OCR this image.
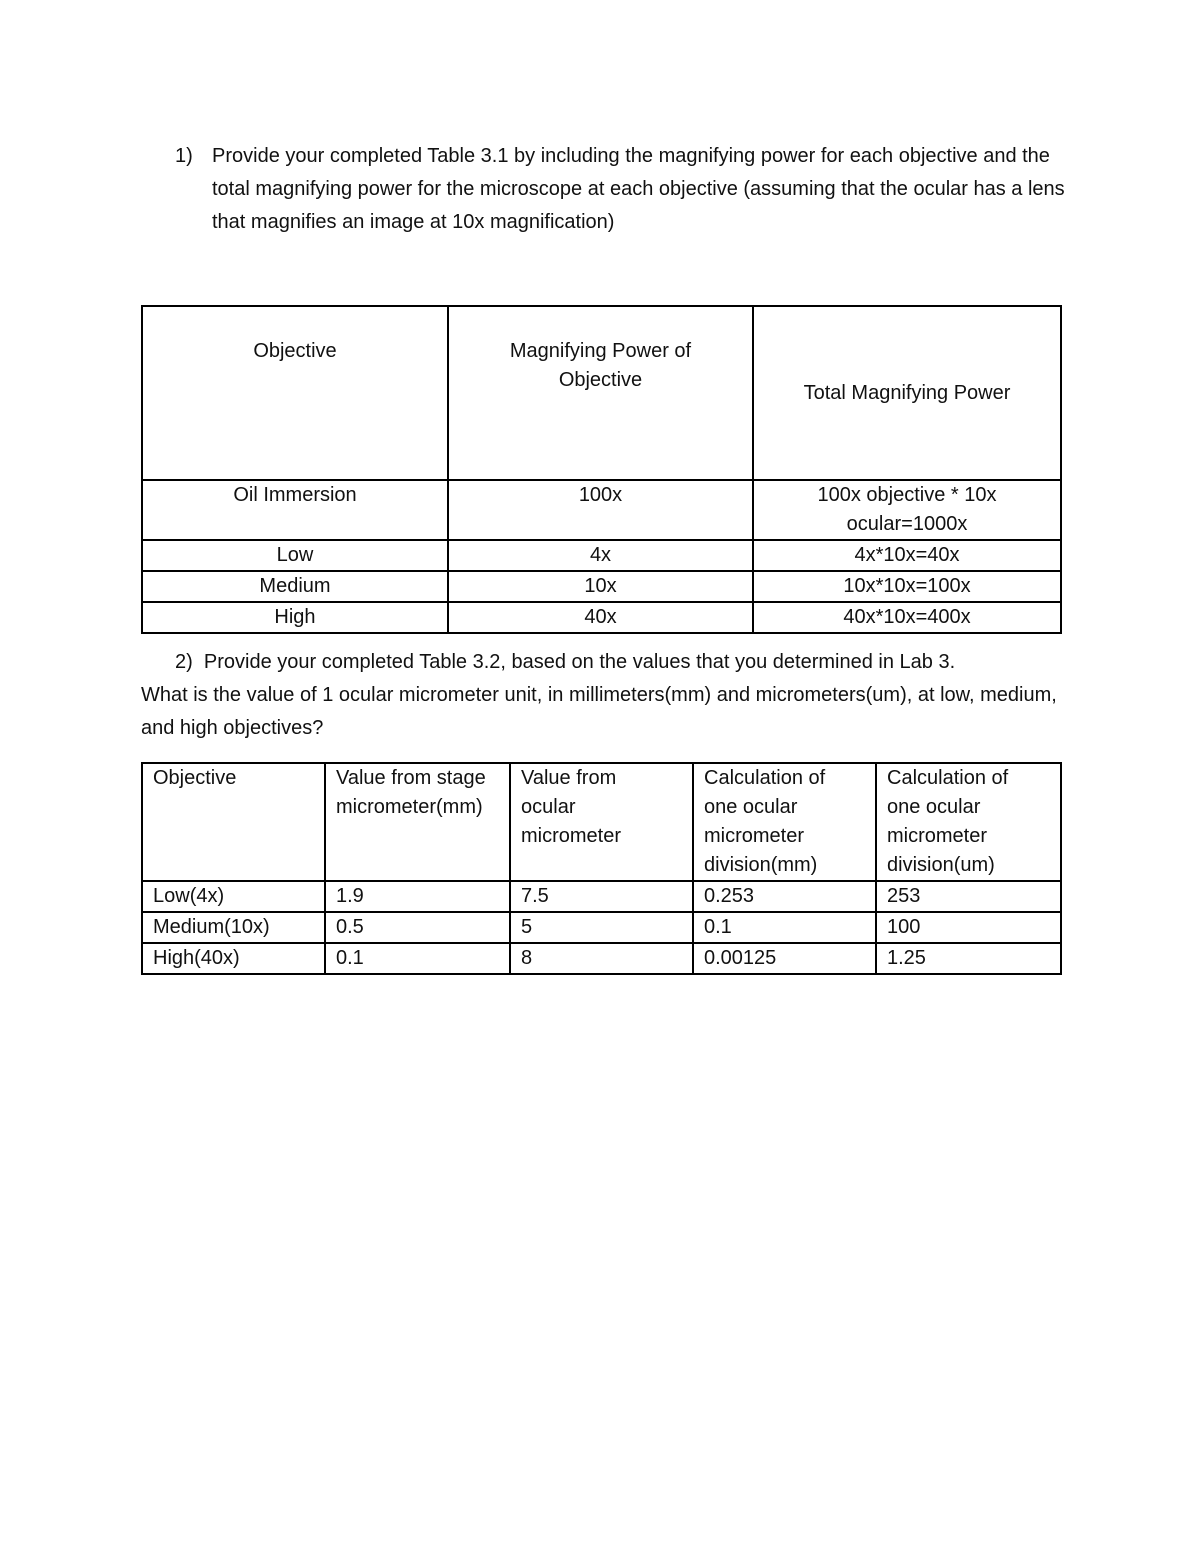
1) Provide your completed Table 3.1 by including the magnifying power for each objective and the total magnifying power for the microscope at each objective (assuming that the ocular has a lens that magnifies an image at 10x magnification)
Objective	Magnifying Power of Objective	Total Magnifying Power
Oil Immersion	100x	100x objective * 10x ocular=1000x
Low	4x	4x*10x=40x
Medium	10x	10x*10x=100x
High	40x	40x*10x=400x
2) Provide your completed Table 3.2, based on the values that you determined in Lab 3.
What is the value of 1 ocular micrometer unit, in millimeters(mm) and micrometers(um), at low, medium, and high objectives?
Objective	Value from stage micrometer(mm)	Value from ocular micrometer	Calculation of one ocular micrometer division(mm)	Calculation of one ocular micrometer division(um)
Low(4x)	1.9	7.5	0.253	253
Medium(10x)	0.5	5	0.1	100
High(40x)	0.1	8	0.00125	1.25
